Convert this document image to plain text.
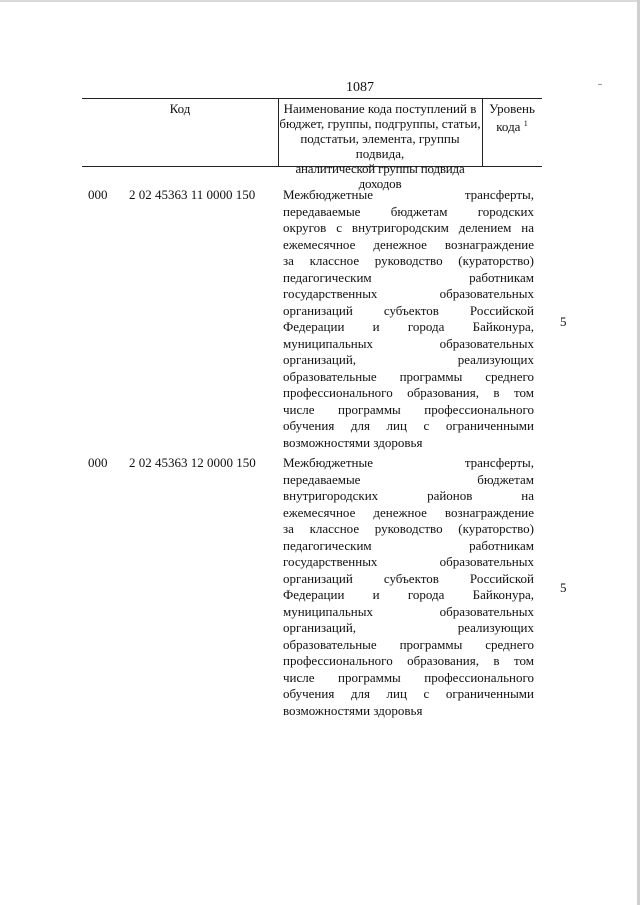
1087
Код	Наименование кода поступлений в
бюджет, группы, подгруппы, статьи,
подстатьи, элемента, группы подвида,
аналитической группы подвида доходов
Уровень
кода $^1$
000 2 02 45363 11 0000 150 Межбюджетные трансферты,
передаваемые бюджетам городских
округов с внутригородским делением на
ежемесячное денежное вознаграждение
за классное руководство (кураторство)
педагогическим работникам
государственных образовательных
организаций субъектов Российской
Федерации и города Байконура,
муниципальных образовательных
организаций, реализующих
образовательные программы среднего
профессионального образования, в том
числе программы профессионального
обучения для лиц с ограниченными
возможностями здоровья
5
000 2 02 45363 12 0000 150 Межбюджетные трансферты,
передаваемые бюджетам
внутригородских районов на
ежемесячное денежное вознаграждение
за классное руководство (кураторство)
педагогическим работникам
государственных образовательных
организаций субъектов Российской
Федерации и города Байконура,
муниципальных образовательных
организаций, реализующих
образовательные программы среднего
профессионального образования, в том
числе программы профессионального
обучения для лиц с ограниченными
возможностями здоровья
5
